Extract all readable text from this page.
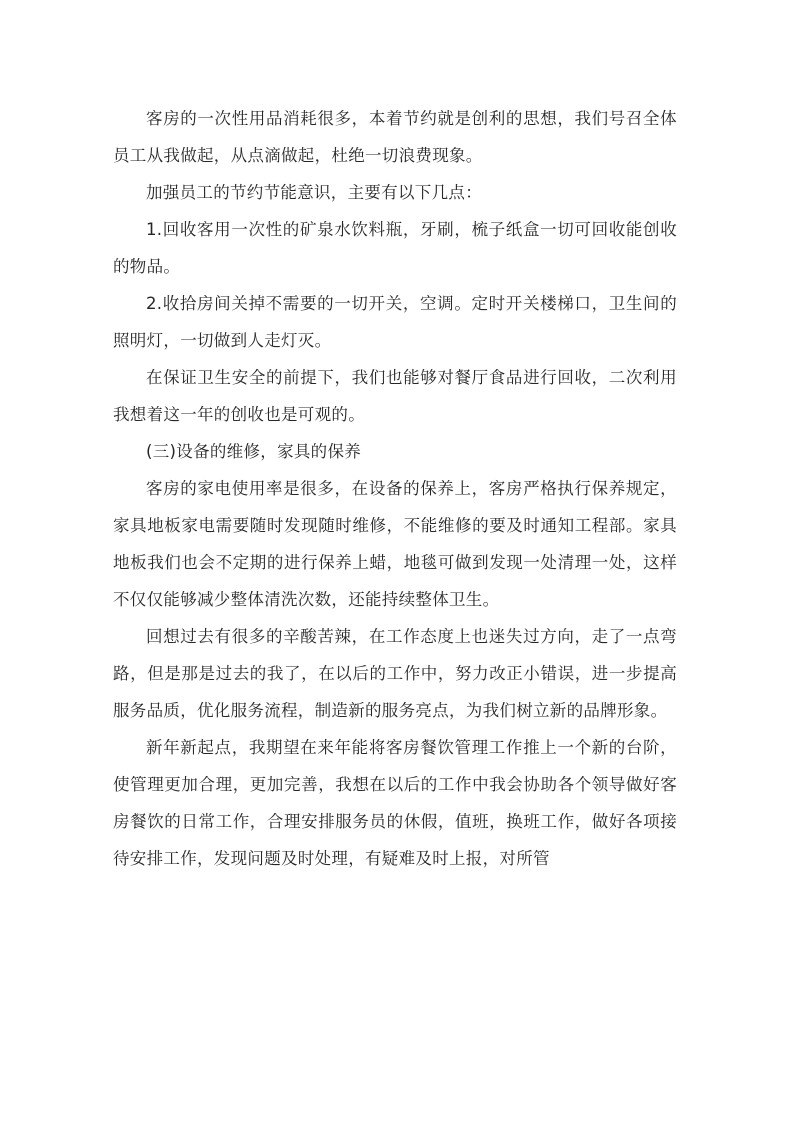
客房的一次性用品消耗很多，本着节约就是创利的思想，我们号召全体员工从我做起，从点滴做起，杜绝一切浪费现象。

加强员工的节约节能意识，主要有以下几点：

1.回收客用一次性的矿泉水饮料瓶，牙刷，梳子纸盒一切可回收能创收的物品。

2.收拾房间关掉不需要的一切开关，空调。定时开关楼梯口，卫生间的照明灯，一切做到人走灯灭。

在保证卫生安全的前提下，我们也能够对餐厅食品进行回收，二次利用我想着这一年的创收也是可观的。

(三)设备的维修，家具的保养

客房的家电使用率是很多，在设备的保养上，客房严格执行保养规定，家具地板家电需要随时发现随时维修，不能维修的要及时通知工程部。家具地板我们也会不定期的进行保养上蜡，地毯可做到发现一处清理一处，这样不仅仅能够减少整体清洗次数，还能持续整体卫生。

回想过去有很多的辛酸苦辣，在工作态度上也迷失过方向，走了一点弯路，但是那是过去的我了，在以后的工作中，努力改正小错误，进一步提高服务品质，优化服务流程，制造新的服务亮点，为我们树立新的品牌形象。

新年新起点，我期望在来年能将客房餐饮管理工作推上一个新的台阶，使管理更加合理，更加完善，我想在以后的工作中我会协助各个领导做好客房餐饮的日常工作，合理安排服务员的休假，值班，换班工作，做好各项接待安排工作，发现问题及时处理，有疑难及时上报，对所管
